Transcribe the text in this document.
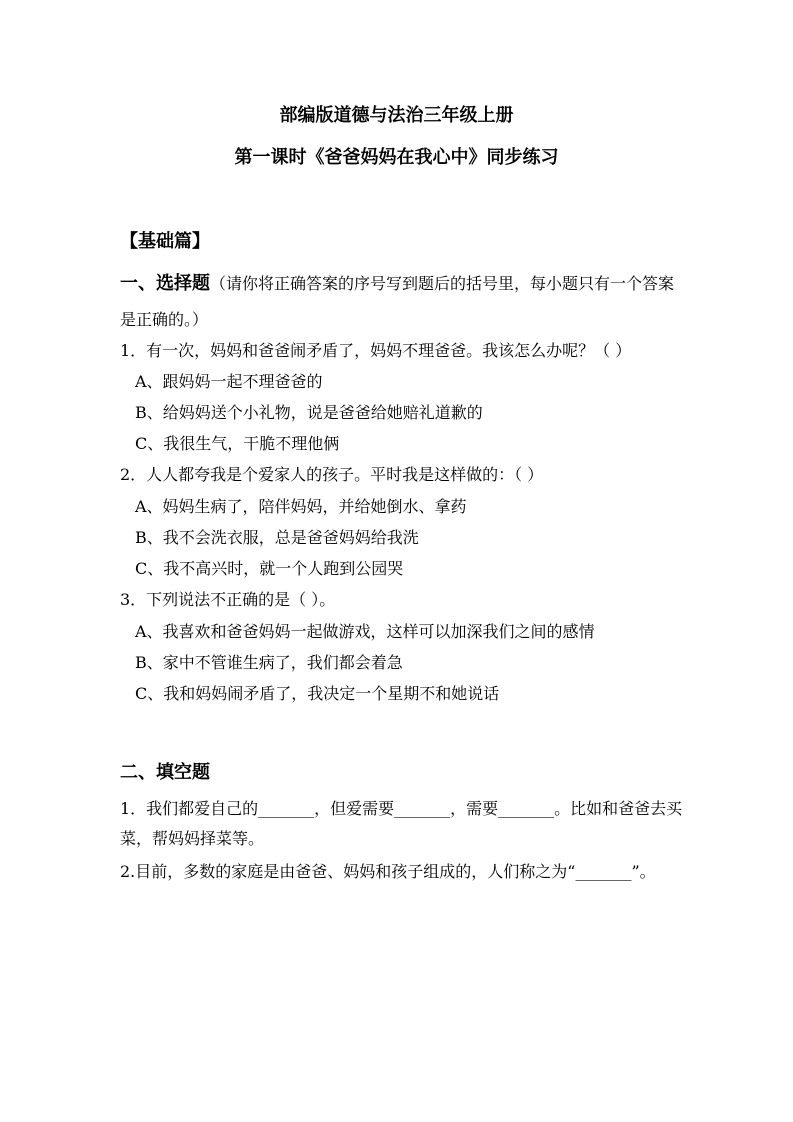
部编版道德与法治三年级上册
第一课时《爸爸妈妈在我心中》同步练习
【基础篇】
一、选择题（请你将正确答案的序号写到题后的括号里，每小题只有一个答案
是正确的。）
1．有一次，妈妈和爸爸闹矛盾了，妈妈不理爸爸。我该怎么办呢？（ ）
A、跟妈妈一起不理爸爸的
B、给妈妈送个小礼物，说是爸爸给她赔礼道歉的
C、我很生气，干脆不理他俩
2．人人都夸我是个爱家人的孩子。平时我是这样做的：（ ）
A、妈妈生病了，陪伴妈妈，并给她倒水、拿药
B、我不会洗衣服，总是爸爸妈妈给我洗
C、我不高兴时，就一个人跑到公园哭
3．下列说法不正确的是（ ）。
A、我喜欢和爸爸妈妈一起做游戏，这样可以加深我们之间的感情
B、家中不管谁生病了，我们都会着急
C、我和妈妈闹矛盾了，我决定一个星期不和她说话
二、填空题
1．我们都爱自己的_______，但爱需要_______，需要_______。比如和爸爸去买
菜，帮妈妈择菜等。
2.目前，多数的家庭是由爸爸、妈妈和孩子组成的，人们称之为“_______”。
